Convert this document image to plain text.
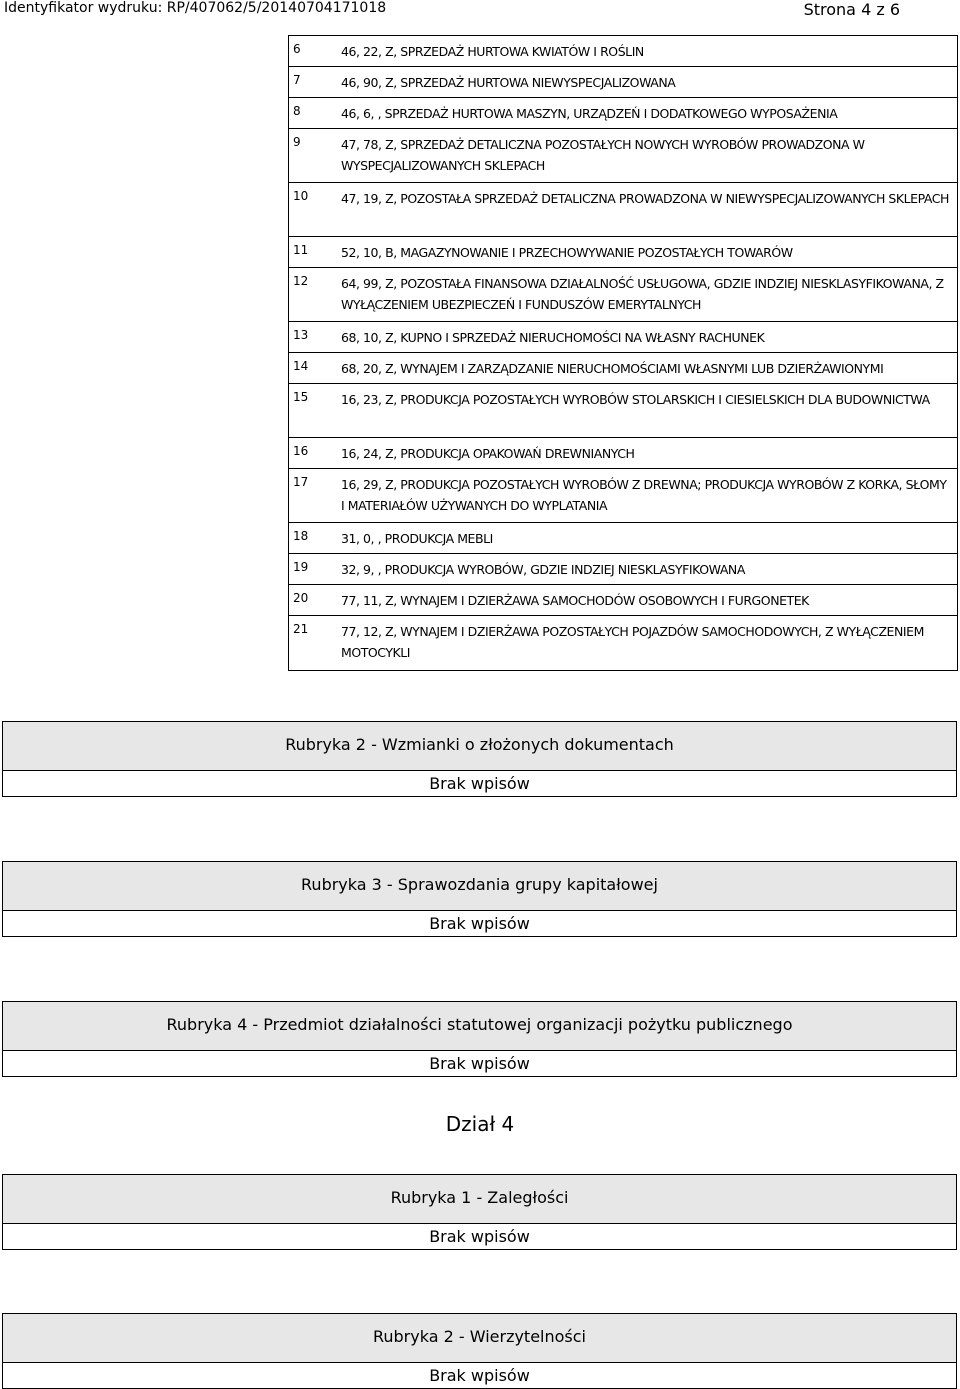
Identyfikator wydruku: RP/407062/5/20140704171018	Strona 4 z 6
6	46, 22, Z, SPRZEDAŻ HURTOWA KWIATÓW I ROŚLIN
7	46, 90, Z, SPRZEDAŻ HURTOWA NIEWYSPECJALIZOWANA
8	46, 6, , SPRZEDAŻ HURTOWA MASZYN, URZĄDZEŃ I DODATKOWEGO WYPOSAŻENIA
9	47, 78, Z, SPRZEDAŻ DETALICZNA POZOSTAŁYCH NOWYCH WYROBÓW PROWADZONA W WYSPECJALIZOWANYCH SKLEPACH
10	47, 19, Z, POZOSTAŁA SPRZEDAŻ DETALICZNA PROWADZONA W NIEWYSPECJALIZOWANYCH SKLEPACH
11	52, 10, B, MAGAZYNOWANIE I PRZECHOWYWANIE POZOSTAŁYCH TOWARÓW
12	64, 99, Z, POZOSTAŁA FINANSOWA DZIAŁALNOŚĆ USŁUGOWA, GDZIE INDZIEJ NIESKLASYFIKOWANA, Z WYŁĄCZENIEM UBEZPIECZEŃ I FUNDUSZÓW EMERYTALNYCH
13	68, 10, Z, KUPNO I SPRZEDAŻ NIERUCHOMOŚCI NA WŁASNY RACHUNEK
14	68, 20, Z, WYNAJEM I ZARZĄDZANIE NIERUCHOMOŚCIAMI WŁASNYMI LUB DZIERŻAWIONYMI
15	16, 23, Z, PRODUKCJA POZOSTAŁYCH WYROBÓW STOLARSKICH I CIESIELSKICH DLA BUDOWNICTWA
16	16, 24, Z, PRODUKCJA OPAKOWAŃ DREWNIANYCH
17	16, 29, Z, PRODUKCJA POZOSTAŁYCH WYROBÓW Z DREWNA; PRODUKCJA WYROBÓW Z KORKA, SŁOMY I MATERIAŁÓW UŻYWANYCH DO WYPLATANIA
18	31, 0, , PRODUKCJA MEBLI
19	32, 9, , PRODUKCJA WYROBÓW, GDZIE INDZIEJ NIESKLASYFIKOWANA
20	77, 11, Z, WYNAJEM I DZIERŻAWA SAMOCHODÓW OSOBOWYCH I FURGONETEK
21	77, 12, Z, WYNAJEM I DZIERŻAWA POZOSTAŁYCH POJAZDÓW SAMOCHODOWYCH, Z WYŁĄCZENIEM MOTOCYKLI
Rubryka 2 - Wzmianki o złożonych dokumentach
Brak wpisów
Rubryka 3 - Sprawozdania grupy kapitałowej
Brak wpisów
Rubryka 4 - Przedmiot działalności statutowej organizacji pożytku publicznego
Brak wpisów
Dział 4
Rubryka 1 - Zaległości
Brak wpisów
Rubryka 2 - Wierzytelności
Brak wpisów
